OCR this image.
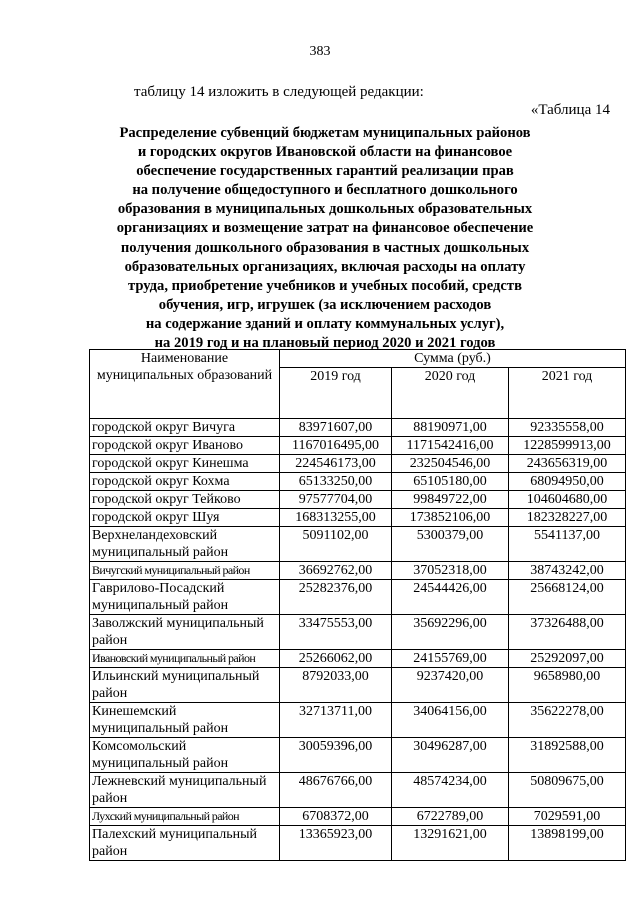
383
таблицу 14 изложить в следующей редакции:
«Таблица 14
Распределение субвенций бюджетам муниципальных районов
и городских округов Ивановской области на финансовое
обеспечение государственных гарантий реализации прав
на получение общедоступного и бесплатного дошкольного
образования в муниципальных дошкольных образовательных
организациях и возмещение затрат на финансовое обеспечение
получения дошкольного образования в частных дошкольных
образовательных организациях, включая расходы на оплату
труда, приобретение учебников и учебных пособий, средств
обучения, игр, игрушек (за исключением расходов
на содержание зданий и оплату коммунальных услуг),
на 2019 год и на плановый период 2020 и 2021 годов
Наименование муниципальных образований	Сумма (руб.)		
	2019 год	2020 год	2021 год
городской округ Вичуга	83971607,00	88190971,00	92335558,00
городской округ Иваново	1167016495,00	1171542416,00	1228599913,00
городской округ Кинешма	224546173,00	232504546,00	243656319,00
городской округ Кохма	65133250,00	65105180,00	68094950,00
городской округ Тейково	97577704,00	99849722,00	104604680,00
городской округ Шуя	168313255,00	173852106,00	182328227,00
Верхнеландеховский муниципальный район	5091102,00	5300379,00	5541137,00
Вичугский муниципальный район	36692762,00	37052318,00	38743242,00
Гаврилово-Посадский муниципальный район	25282376,00	24544426,00	25668124,00
Заволжский муниципальный район	33475553,00	35692296,00	37326488,00
Ивановский муниципальный район	25266062,00	24155769,00	25292097,00
Ильинский муниципальный район	8792033,00	9237420,00	9658980,00
Кинешемский муниципальный район	32713711,00	34064156,00	35622278,00
Комсомольский муниципальный район	30059396,00	30496287,00	31892588,00
Лежневский муниципальный район	48676766,00	48574234,00	50809675,00
Лухский муниципальный район	6708372,00	6722789,00	7029591,00
Палехский муниципальный район	13365923,00	13291621,00	13898199,00
